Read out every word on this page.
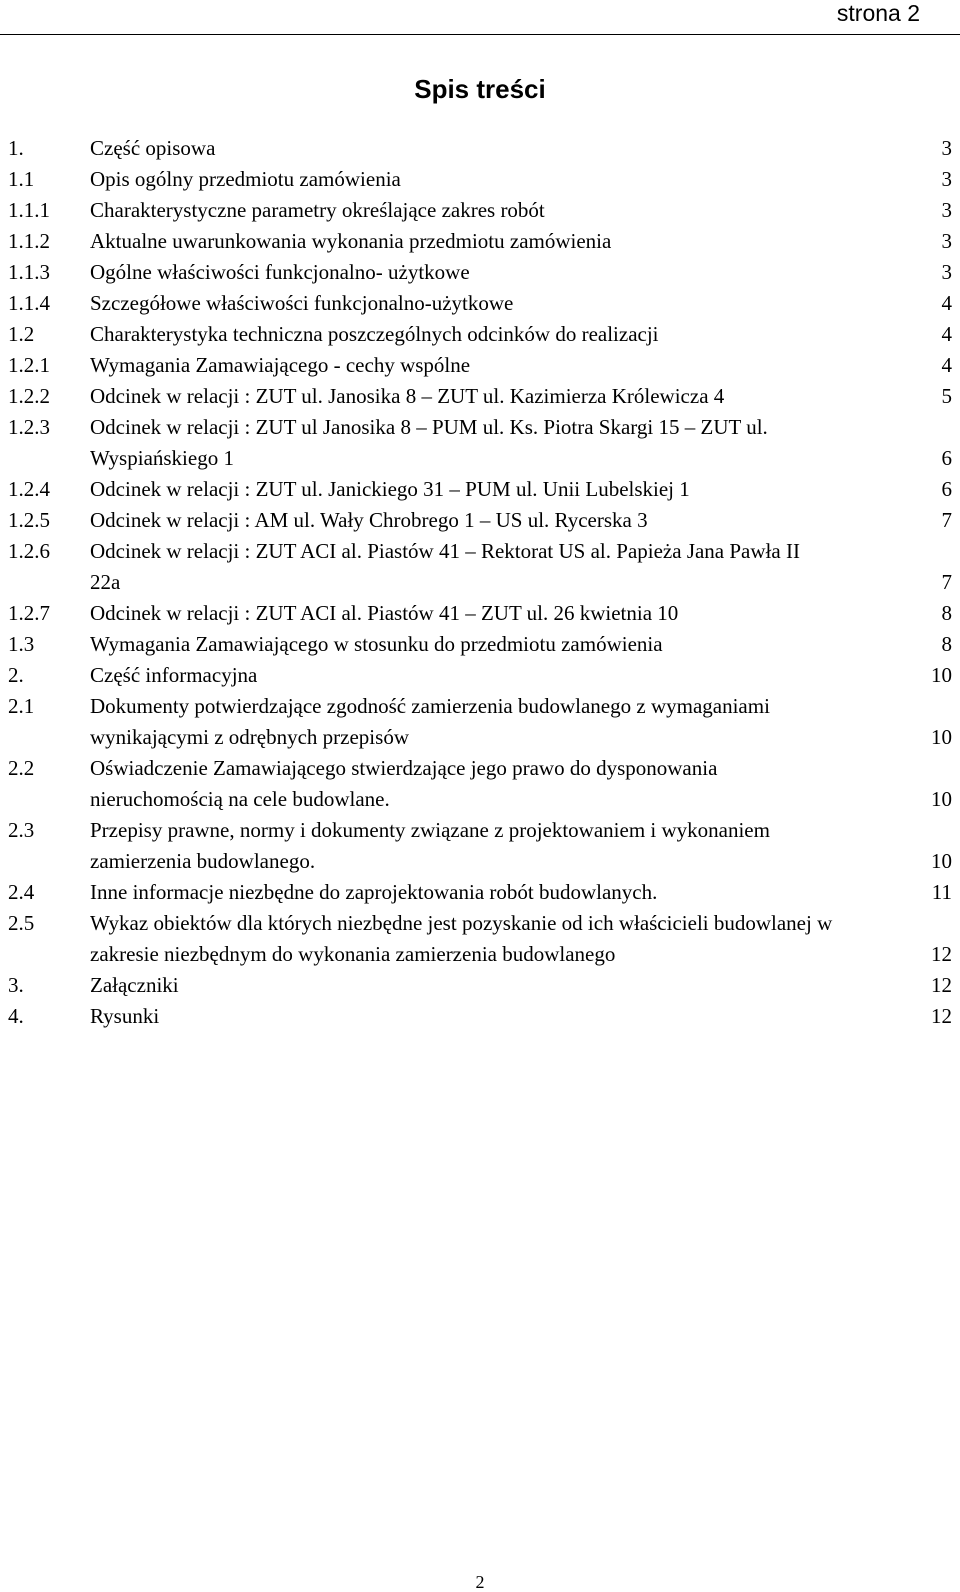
strona 2
Spis treści
1.	Część opisowa	3
1.1	Opis ogólny przedmiotu zamówienia	3
1.1.1 Charakterystyczne parametry określające zakres robót	3
1.1.2 Aktualne uwarunkowania wykonania przedmiotu zamówienia	3
1.1.3 Ogólne właściwości funkcjonalno- użytkowe	3
1.1.4 Szczegółowe właściwości funkcjonalno-użytkowe	4
1.2	Charakterystyka techniczna poszczególnych odcinków do realizacji	4
1.2.1 Wymagania Zamawiającego - cechy wspólne	4
1.2.2 Odcinek w relacji : ZUT ul. Janosika 8 – ZUT ul. Kazimierza Królewicza 4	5
1.2.3 Odcinek w relacji : ZUT ul Janosika 8 – PUM ul. Ks. Piotra Skargi 15 – ZUT ul.
Wyspiańskiego 1	6
1.2.4 Odcinek w relacji : ZUT ul. Janickiego 31 – PUM ul. Unii Lubelskiej 1	6
1.2.5 Odcinek w relacji : AM ul. Wały Chrobrego 1 – US ul. Rycerska 3	7
1.2.6 Odcinek w relacji : ZUT ACI al. Piastów 41 – Rektorat US al. Papieża Jana Pawła II
22a	7
1.2.7 Odcinek w relacji : ZUT ACI al. Piastów 41 – ZUT ul. 26 kwietnia 10	8
1.3	Wymagania Zamawiającego w stosunku do przedmiotu zamówienia	8
2.	Część informacyjna	10
2.1	Dokumenty potwierdzające zgodność zamierzenia budowlanego z wymaganiami
wynikającymi z odrębnych przepisów	10
2.2	Oświadczenie Zamawiającego stwierdzające jego prawo do dysponowania
nieruchomością na cele budowlane.	10
2.3	Przepisy prawne, normy i dokumenty związane z projektowaniem i wykonaniem
zamierzenia budowlanego.	10
2.4	Inne informacje niezbędne do zaprojektowania robót budowlanych.	11
2.5	Wykaz obiektów dla których niezbędne jest pozyskanie od ich właścicieli budowlanej w
zakresie niezbędnym do wykonania zamierzenia budowlanego	12
3.	Załączniki	12
4.	Rysunki	12
2
